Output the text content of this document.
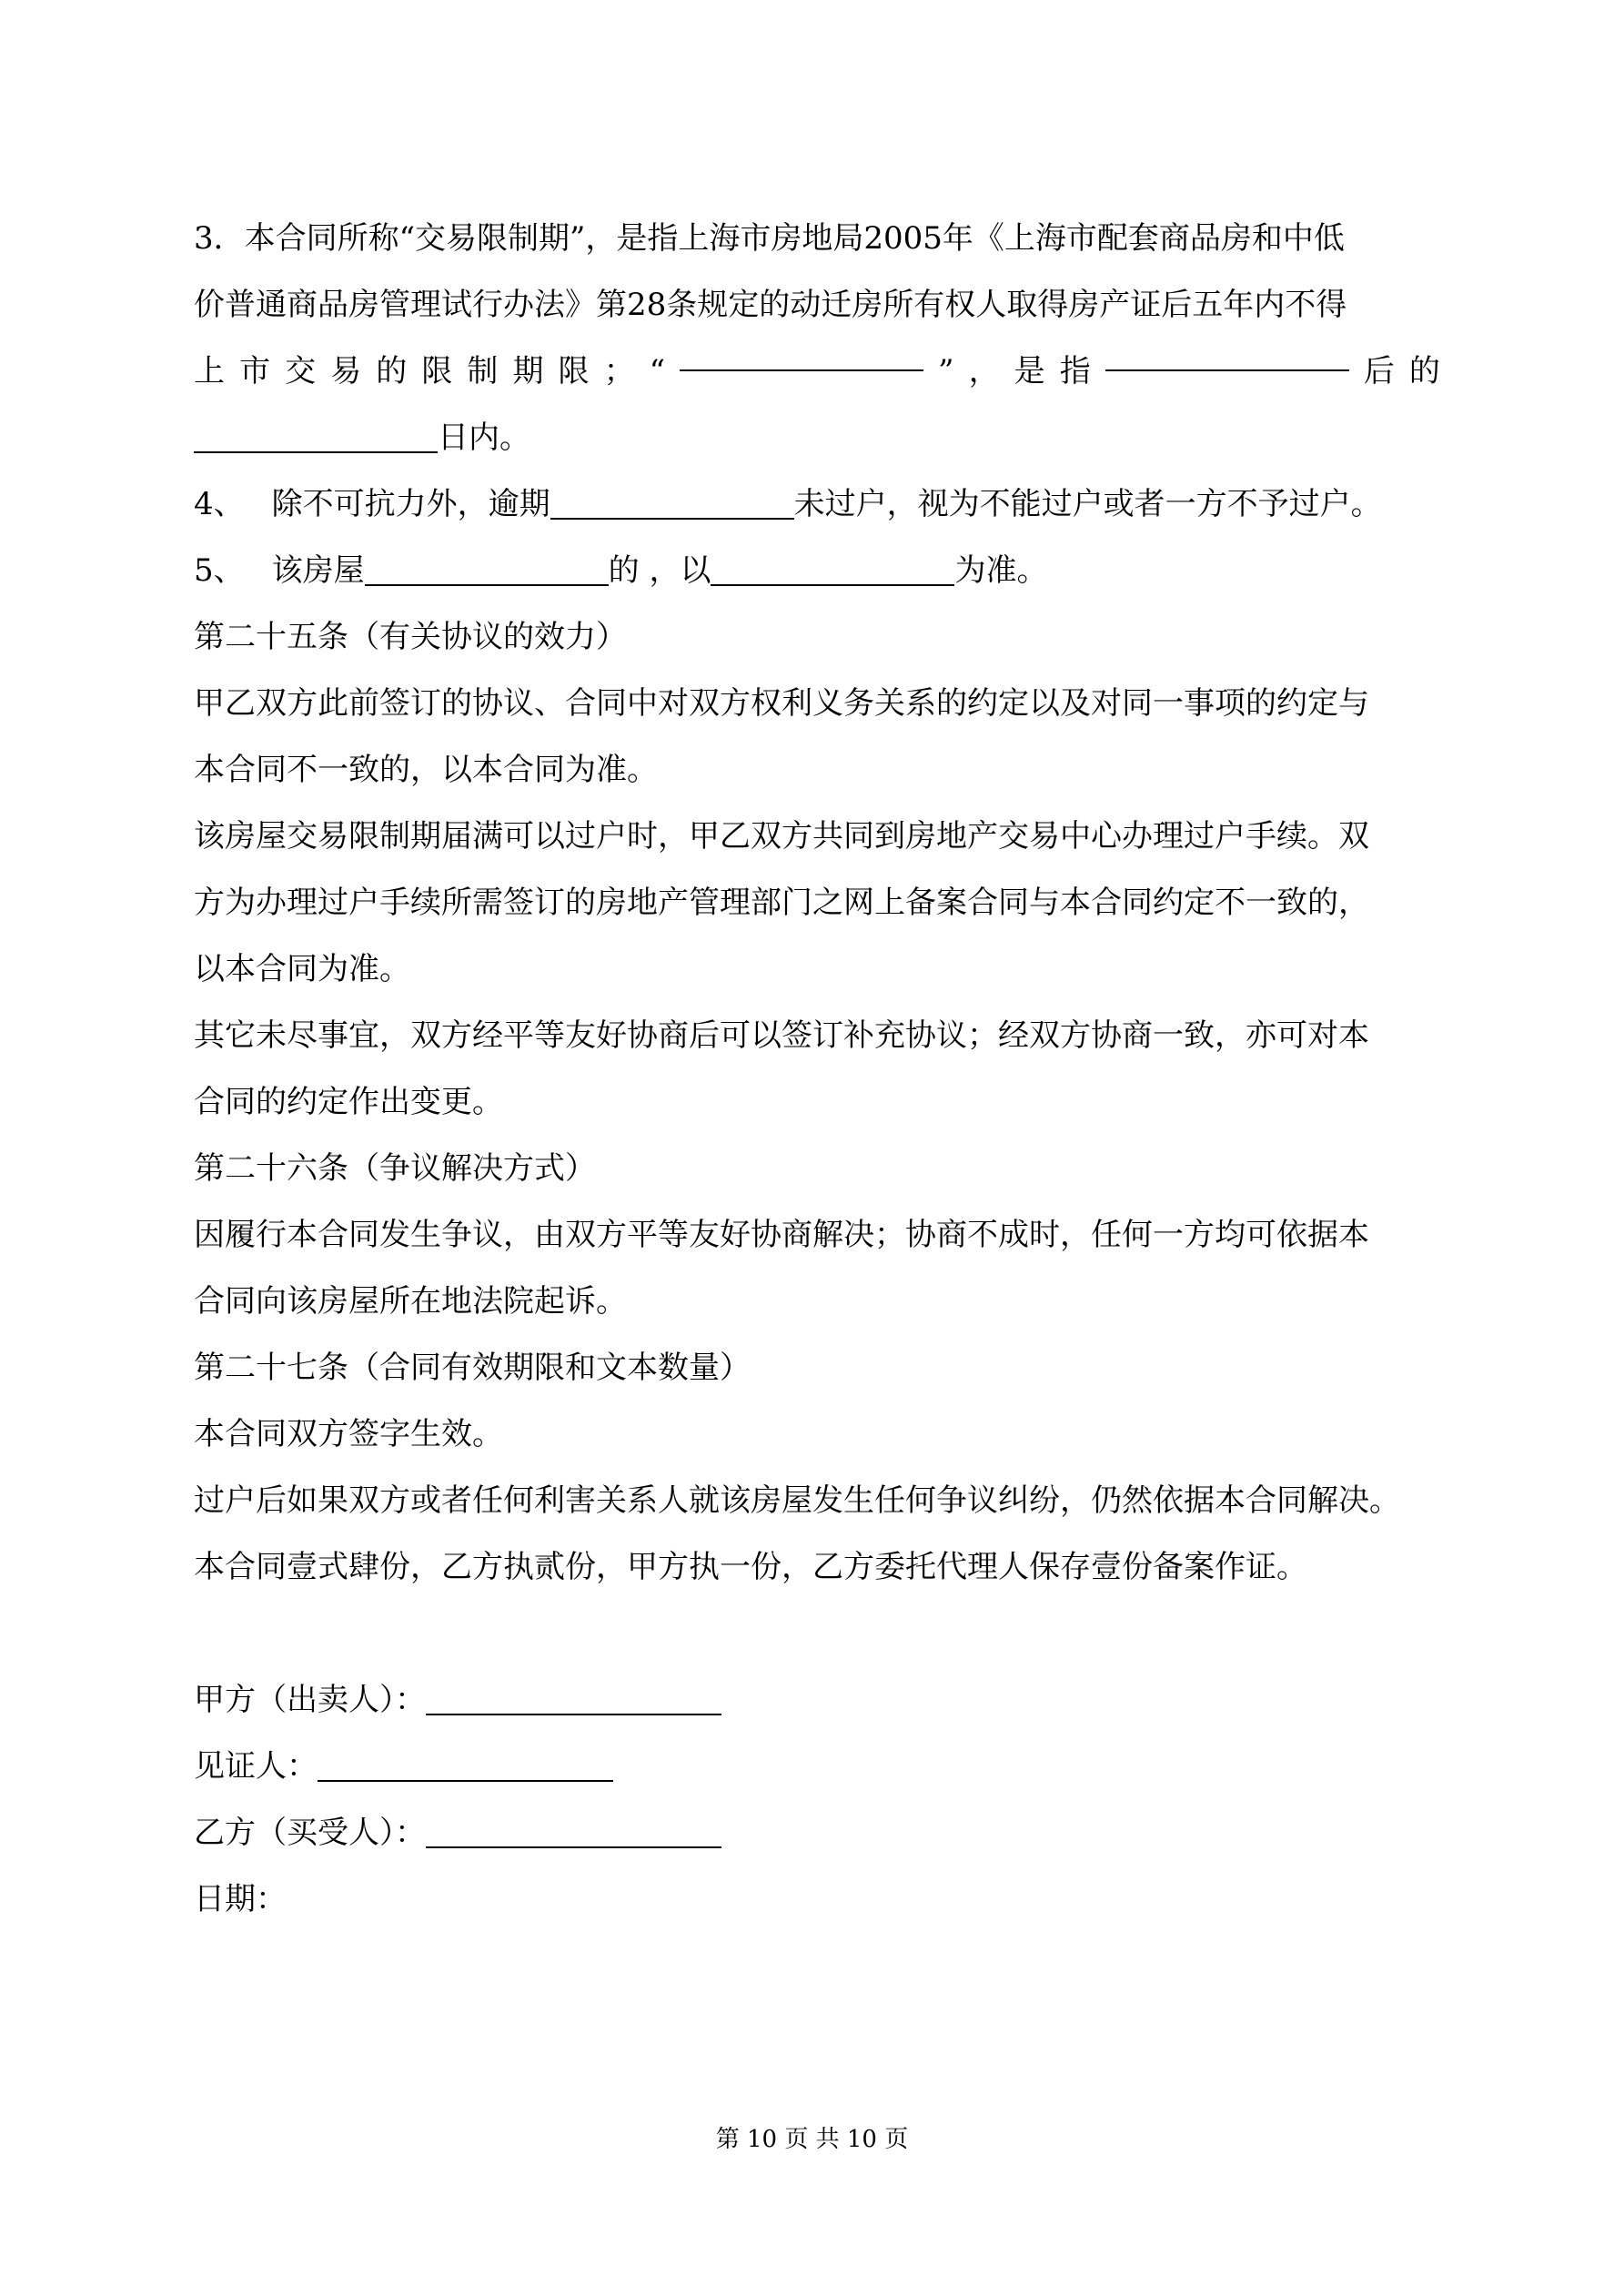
3．本合同所称“交易限制期”，是指上海市房地局2005年《上海市配套商品房和中低
价普通商品房管理试行办法》第28条规定的动迁房所有权人取得房产证后五年内不得
上 市 交 易 的 限 制 期 限 ； “	” ， 是 指	后 的
日内。
4、 除不可抗力外，逾期	未过户，视为不能过户或者一方不予过户。
5、 该房屋	的 ，以	为准。
第二十五条（有关协议的效力）
甲乙双方此前签订的协议、合同中对双方权利义务关系的约定以及对同一事项的约定与
本合同不一致的，以本合同为准。
该房屋交易限制期届满可以过户时，甲乙双方共同到房地产交易中心办理过户手续。双
方为办理过户手续所需签订的房地产管理部门之网上备案合同与本合同约定不一致的，
以本合同为准。
其它未尽事宜，双方经平等友好协商后可以签订补充协议；经双方协商一致，亦可对本
合同的约定作出变更。
第二十六条（争议解决方式）
因履行本合同发生争议，由双方平等友好协商解决；协商不成时，任何一方均可依据本
合同向该房屋所在地法院起诉。
第二十七条（合同有效期限和文本数量）
本合同双方签字生效。
过户后如果双方或者任何利害关系人就该房屋发生任何争议纠纷，仍然依据本合同解决。
本合同壹式肆份，乙方执贰份，甲方执一份，乙方委托代理人保存壹份备案作证。
甲方（出卖人）：
见证人：
乙方（买受人）：
日期：
第 10 页 共 10 页
